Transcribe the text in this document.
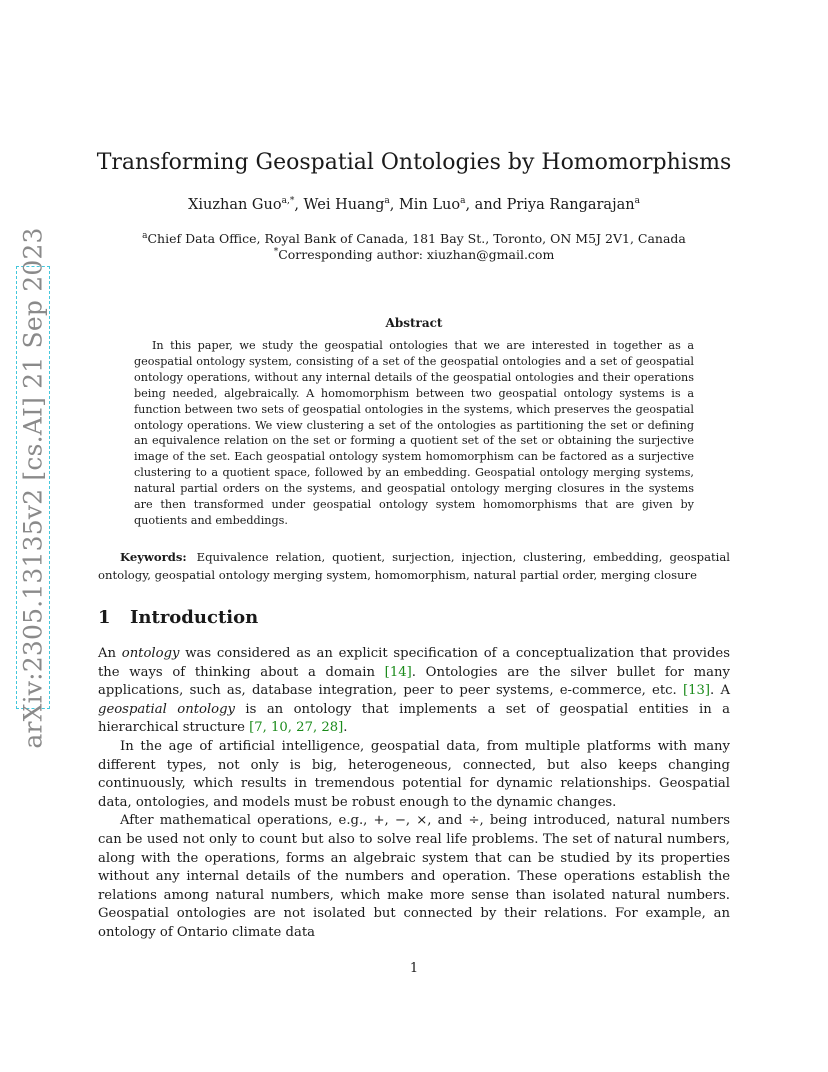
arXiv:2305.13135v2 [cs.AI] 21 Sep 2023
Transforming Geospatial Ontologies by Homomorphisms
Xiuzhan Guo$^{a,*}$, Wei Huang$^a$, Min Luo$^a$, and Priya Rangarajan$^a$
$^a$Chief Data Office, Royal Bank of Canada, 181 Bay St., Toronto, ON M5J 2V1, Canada
*Corresponding author: xiuzhan@gmail.com
Abstract
In this paper, we study the geospatial ontologies that we are interested in together as a geospatial ontology system, consisting of a set of the geospatial ontologies and a set of geospatial ontology operations, without any internal details of the geospatial ontologies and their operations being needed, algebraically. A homomorphism between two geospatial ontology systems is a function between two sets of geospatial ontologies in the systems, which preserves the geospatial ontology operations. We view clustering a set of the ontologies as partitioning the set or defining an equivalence relation on the set or forming a quotient set of the set or obtaining the surjective image of the set. Each geospatial ontology system homomorphism can be factored as a surjective clustering to a quotient space, followed by an embedding. Geospatial ontology merging systems, natural partial orders on the systems, and geospatial ontology merging closures in the systems are then transformed under geospatial ontology system homomorphisms that are given by quotients and embeddings.
Keywords: Equivalence relation, quotient, surjection, injection, clustering, embedding, geospatial ontology, geospatial ontology merging system, homomorphism, natural partial order, merging closure
1 Introduction

An ontology was considered as an explicit specification of a conceptualization that provides the ways of thinking about a domain [14]. Ontologies are the silver bullet for many applications, such as, database integration, peer to peer systems, e-commerce, etc. [13]. A geospatial ontology is an ontology that implements a set of geospatial entities in a hierarchical structure [7, 10, 27, 28].

In the age of artificial intelligence, geospatial data, from multiple platforms with many different types, not only is big, heterogeneous, connected, but also keeps changing continuously, which results in tremendous potential for dynamic relationships. Geospatial data, ontologies, and models must be robust enough to the dynamic changes.

After mathematical operations, e.g., +, −, ×, and ÷, being introduced, natural numbers can be used not only to count but also to solve real life problems. The set of natural numbers, along with the operations, forms an algebraic system that can be studied by its properties without any internal details of the numbers and operation. These operations establish the relations among natural numbers, which make more sense than isolated natural numbers. Geospatial ontologies are not isolated but connected by their relations. For example, an ontology of Ontario climate data

1
